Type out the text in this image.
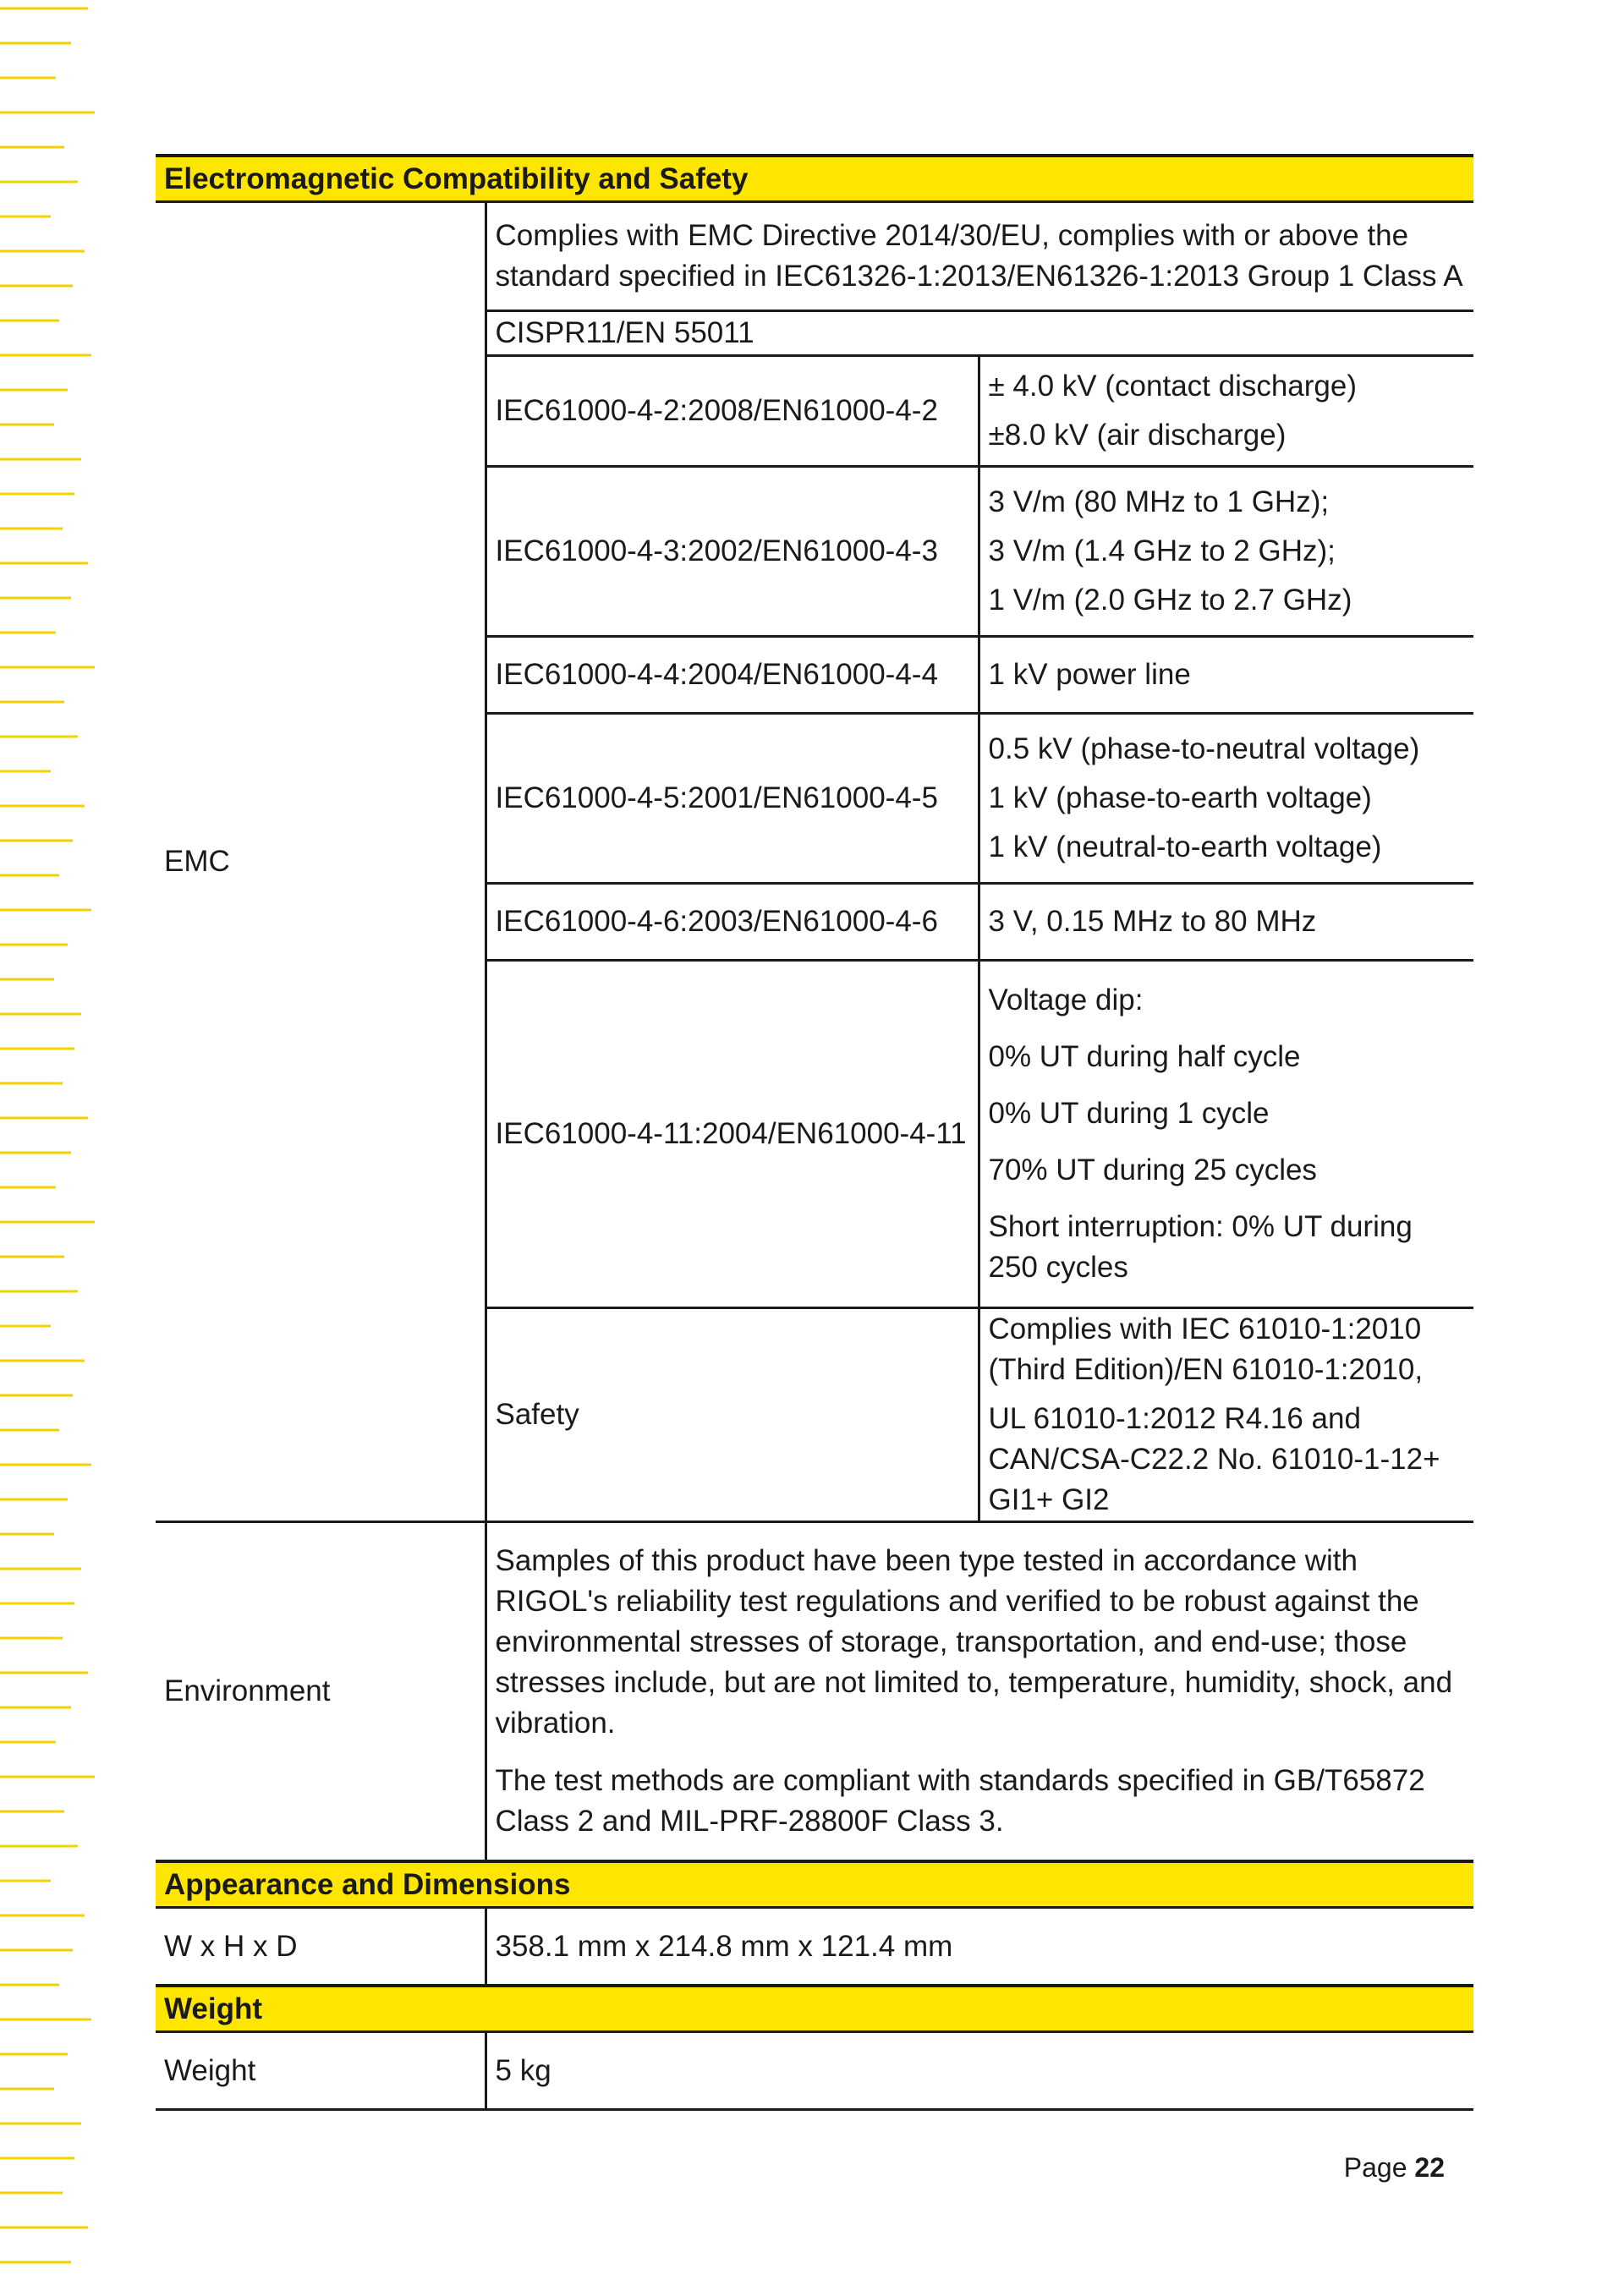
Electromagnetic Compatibility and Safety		
EMC	Complies with EMC Directive 2014/30/EU, complies with or above the standard specified in IEC61326-1:2013/EN61326-1:2013 Group 1 Class A	
	CISPR11/EN 55011	
	IEC61000-4-2:2008/EN61000-4-2	± 4.0 kV (contact discharge)
±8.0 kV (air discharge)

	IEC61000-4-3:2002/EN61000-4-3	3 V/m (80 MHz to 1 GHz);
3 V/m (1.4 GHz to 2 GHz);
1 V/m (2.0 GHz to 2.7 GHz)

	IEC61000-4-4:2004/EN61000-4-4	1 kV power line
	IEC61000-4-5:2001/EN61000-4-5	0.5 kV (phase-to-neutral voltage)
1 kV (phase-to-earth voltage)
1 kV (neutral-to-earth voltage)

	IEC61000-4-6:2003/EN61000-4-6	3 V, 0.15 MHz to 80 MHz
	IEC61000-4-11:2004/EN61000-4-11	Voltage dip:
0% UT during half cycle
0% UT during 1 cycle
70% UT during 25 cycles
Short interruption: 0% UT during 250 cycles

	Safety	Complies with IEC 61010-1:2010 (Third Edition)/EN 61010-1:2010,
UL 61010-1:2012 R4.16 and CAN/CSA-C22.2 No. 61010-1-12+ GI1+ GI2

Environment	Samples of this product have been type tested in accordance with RIGOL's reliability test regulations and verified to be robust against the environmental stresses of storage, transportation, and end-use; those stresses include, but are not limited to, temperature, humidity, shock, and vibration.
The test methods are compliant with standards specified in GB/T65872 Class 2 and MIL-PRF-28800F Class 3.	

Appearance and Dimensions		
W x H x D	358.1 mm x 214.8 mm x 121.4 mm	
Weight		
Weight	5 kg	
Page 22
